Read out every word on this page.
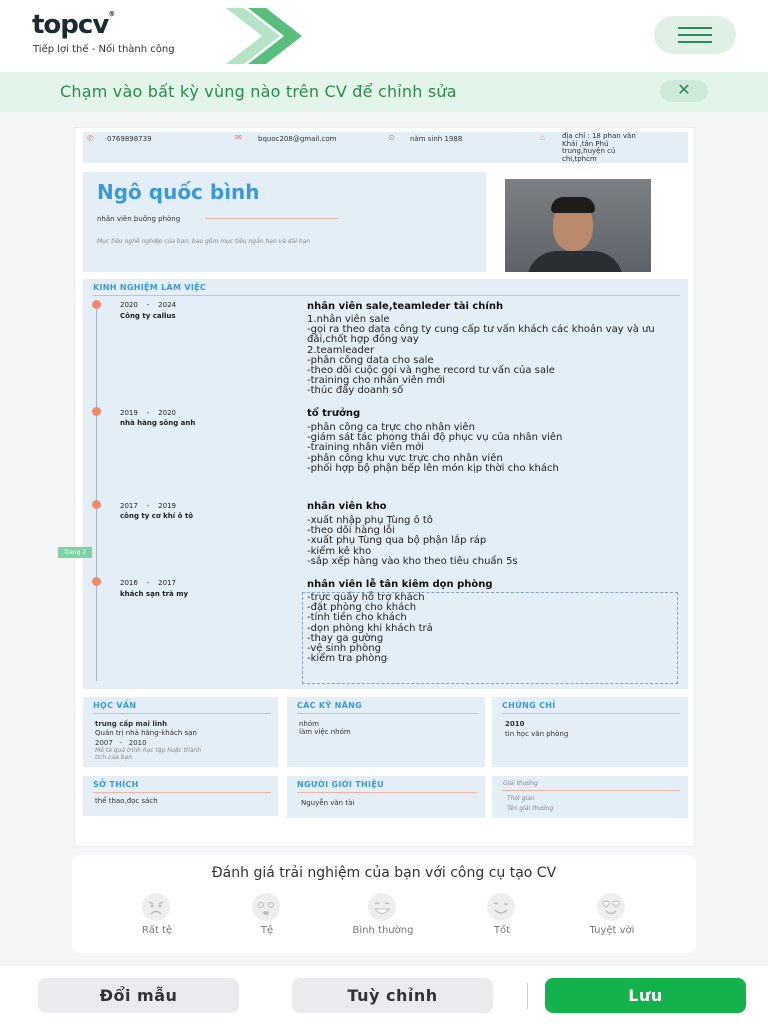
topcv®
Tiếp lợi thế - Nối thành công
Chạm vào bất kỳ vùng nào trên CV để chỉnh sửa	✕
✆ 0769898739	✉ bquoc208@gmail.com	⊙ năm sinh 1988	⌂ địa chỉ : 18 phan văn
Khải ,tân Phú
trung,huyện củ
chi,tphcm
Ngô quốc bình
nhân viên buồng phòng
Mục tiêu nghề nghiệp của bạn, bao gồm mục tiêu ngắn hạn và dài hạn
KINH NGHIỆM LÀM VIỆC
2020 - 2024
Công ty callus
nhân viên sale,teamleder tài chính
1.nhân viên sale
-gọi ra theo data công ty cung cấp tư vấn khách các khoản vay và ưu đãi,chốt hợp đồng vay
2.teamleader
-phân công data cho sale
-theo dõi cuộc gọi và nghe record tư vấn của sale
-training cho nhân viên mới
-thúc đẩy doanh số
2019 - 2020
nhà hàng sông anh
tổ trưởng
-phân công ca trực cho nhân viên
-giám sát tác phong thái độ phục vụ của nhân viên
-training nhân viên mới
-phân công khu vực trực cho nhân viên
-phối hợp bộ phận bếp lên món kịp thời cho khách
2017 - 2019
công ty cơ khí ô tô
nhân viên kho
-xuất nhập phụ Tùng ô tô
-theo dõi hàng lỗi
-xuất phụ Tùng qua bộ phận lắp ráp
-kiểm kê kho
-sắp xếp hàng vào kho theo tiêu chuẩn 5s
2016 - 2017
khách sạn trà my
nhân viên lễ tân kiêm dọn phòng
-trực quầy hỗ trợ khách
-đặt phòng cho khách
-tính tiền cho khách
-dọn phòng khi khách trả
-thay ga gường
-vệ sinh phòng
-kiểm tra phòng
HỌC VẤN
trung cấp mai linh
Quản trị nhà hàng-khách sạn
2007 - 2010
Mô tả quá trình học tập hoặc thành
tích của bạn
CÁC KỸ NĂNG
nhóm
làm việc nhóm
CHỨNG CHỈ
2010
tin học văn phòng
SỞ THÍCH
thể thao,đọc sách
NGƯỜI GIỚI THIỆU
Nguyễn văn tài
Giải thưởng
Thời gian
Tên giải thưởng
Trang 2
Đánh giá trải nghiệm của bạn với công cụ tạo CV
Rất tệ	Tệ	Bình thường	Tốt	Tuyệt vời
Đổi mẫu	Tuỳ chỉnh	Lưu
